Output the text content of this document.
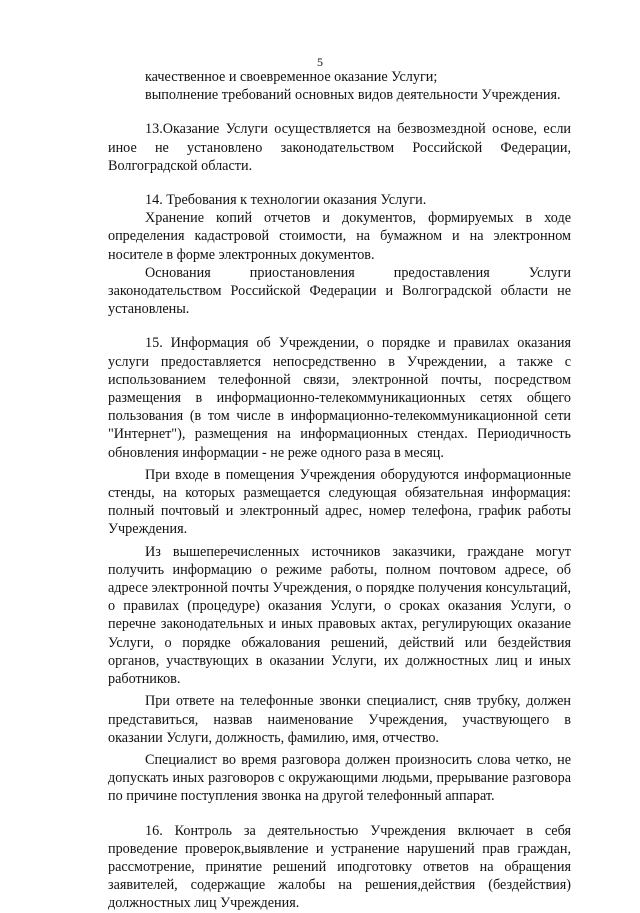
5

качественное и своевременное оказание Услуги;

выполнение требований основных видов деятельности Учреждения.

13.Оказание Услуги осуществляется на безвозмездной основе, если иное не установлено законодательством Российской Федерации, Волгоградской области.

14. Требования к технологии оказания Услуги.

Хранение копий отчетов и документов, формируемых в ходе определения кадастровой стоимости, на бумажном и на электронном носителе в форме электронных документов.

Основания приостановления предоставления Услуги законодательством Российской Федерации и Волгоградской области не установлены.

15. Информация об Учреждении, о порядке и правилах оказания услуги предоставляется непосредственно в Учреждении, а также с использованием телефонной связи, электронной почты, посредством размещения в информационно-телекоммуникационных сетях общего пользования (в том числе в информационно-телекоммуникационной сети "Интернет"), размещения на информационных стендах. Периодичность обновления информации - не реже одного раза в месяц.

При входе в помещения Учреждения оборудуются информационные стенды, на которых размещается следующая обязательная информация: полный почтовый и электронный адрес, номер телефона, график работы Учреждения.

Из вышеперечисленных источников заказчики, граждане могут получить информацию о режиме работы, полном почтовом адресе, об адресе электронной почты Учреждения, о порядке получения консультаций, о правилах (процедуре) оказания Услуги, о сроках оказания Услуги, о перечне законодательных и иных правовых актах, регулирующих оказание Услуги, о порядке обжалования решений, действий или бездействия органов, участвующих в оказании Услуги, их должностных лиц и иных работников.

При ответе на телефонные звонки специалист, сняв трубку, должен представиться, назвав наименование Учреждения, участвующего в оказании Услуги, должность, фамилию, имя, отчество.

Специалист во время разговора должен произносить слова четко, не допускать иных разговоров с окружающими людьми, прерывание разговора по причине поступления звонка на другой телефонный аппарат.

16. Контроль за деятельностью Учреждения включает в себя проведение проверок,выявление и устранение нарушений прав граждан, рассмотрение, принятие решений иподготовку ответов на обращения заявителей, содержащие жалобы на решения,действия (бездействия) должностных лиц Учреждения.
